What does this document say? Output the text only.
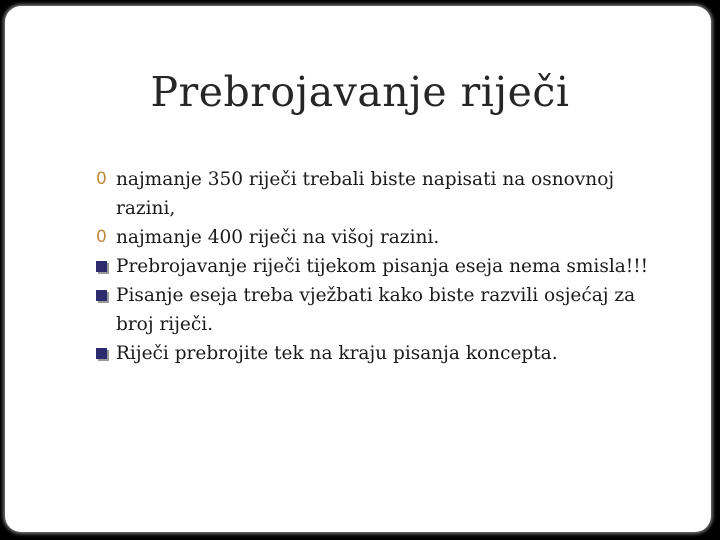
Prebrojavanje riječi
0 najmanje 350 riječi trebali biste napisati na osnovnoj razini,
0 najmanje 400 riječi na višoj razini.
Prebrojavanje riječi tijekom pisanja eseja nema smisla!!!
Pisanje eseja treba vježbati kako biste razvili osjećaj za broj riječi.
Riječi prebrojite tek na kraju pisanja koncepta.
